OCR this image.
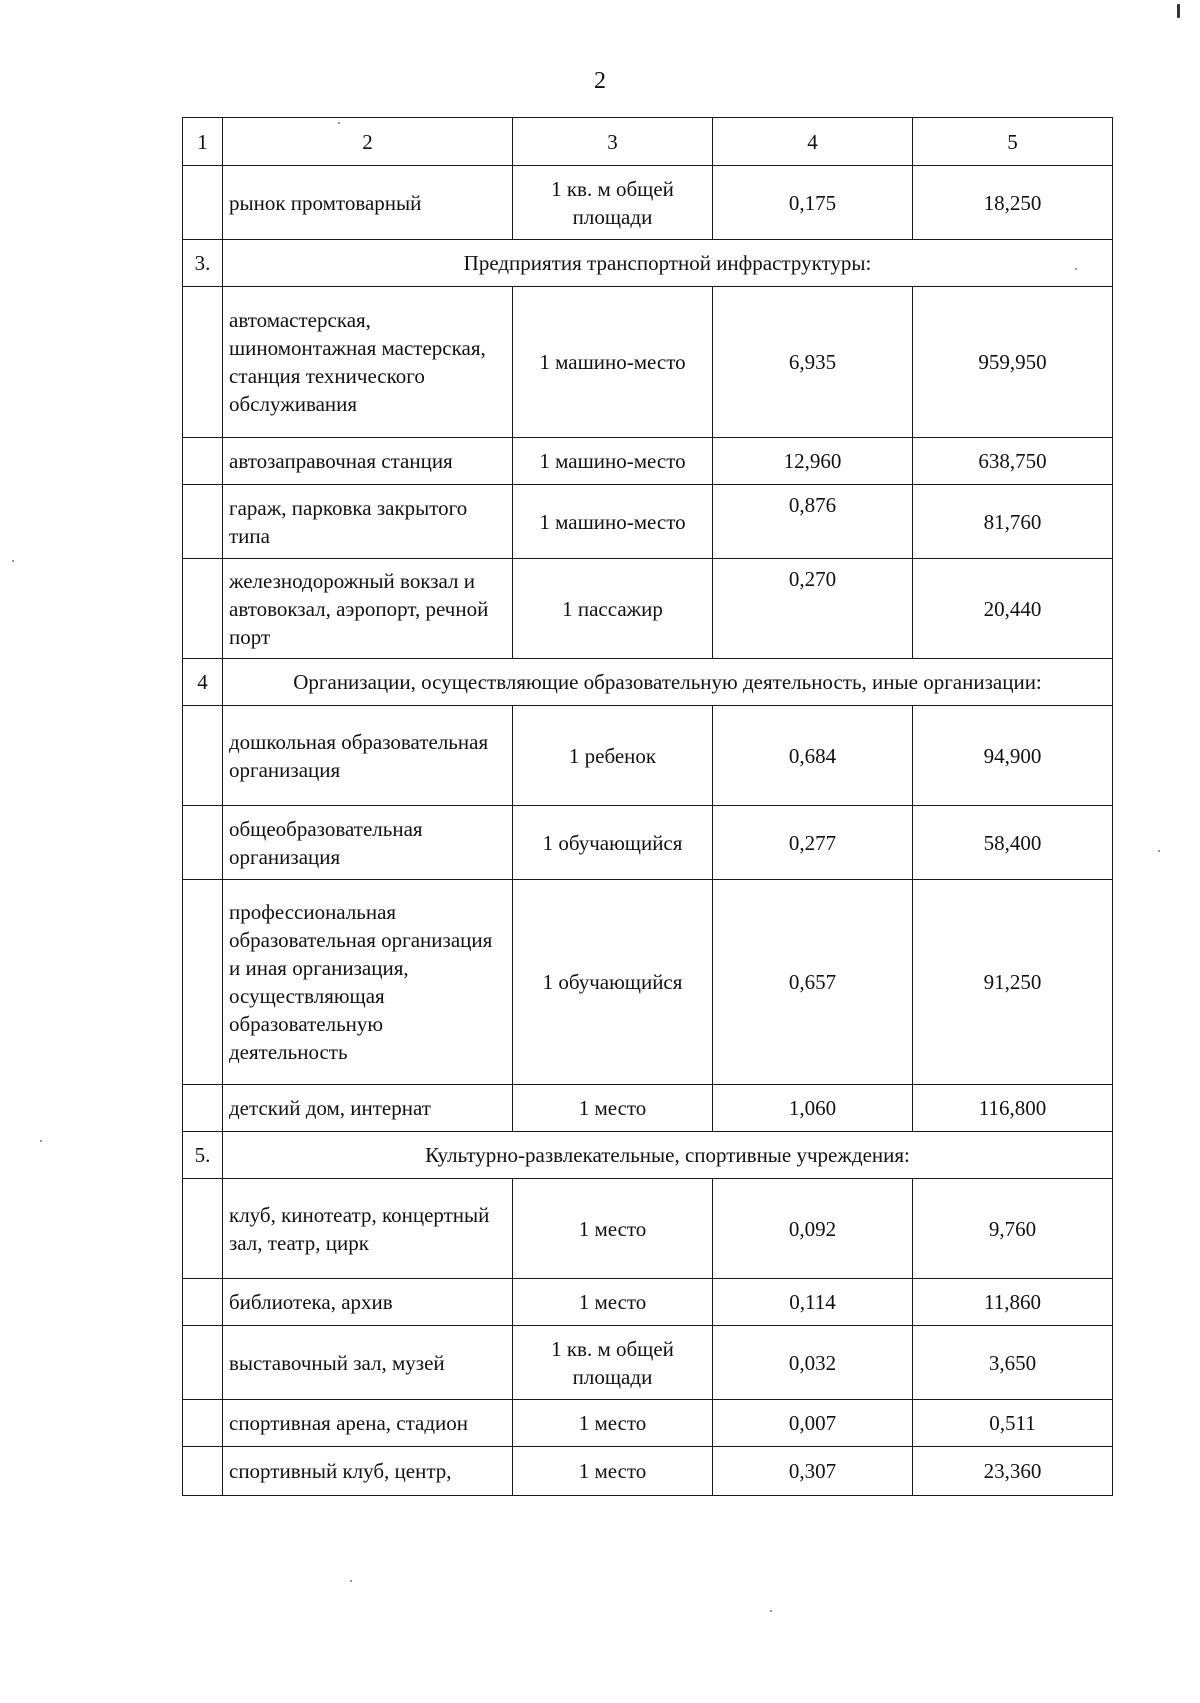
2
1	2	3	4	5
	рынок промтоварный	1 кв. м общей площади	0,175	18,250
3.	Предприятия транспортной инфраструктуры:			
	автомастерская, шиномонтажная мастерская, станция технического обслуживания	1 машино-место	6,935	959,950
	автозаправочная станция	1 машино-место	12,960	638,750
	гараж, парковка закрытого типа	1 машино-место	0,876	81,760
	железнодорожный вокзал и автовокзал, аэропорт, речной порт	1 пассажир	0,270	20,440
4	Организации, осуществляющие образовательную деятельность, иные организации:			
	дошкольная образовательная организация	1 ребенок	0,684	94,900
	общеобразовательная организация	1 обучающийся	0,277	58,400
	профессиональная образовательная организация и иная организация, осуществляющая образовательную деятельность	1 обучающийся	0,657	91,250
	детский дом, интернат	1 место	1,060	116,800
5.	Культурно-развлекательные, спортивные учреждения:			
	клуб, кинотеатр, концертный зал, театр, цирк	1 место	0,092	9,760
	библиотека, архив	1 место	0,114	11,860
	выставочный зал, музей	1 кв. м общей площади	0,032	3,650
	спортивная арена, стадион	1 место	0,007	0,511
	спортивный клуб, центр,	1 место	0,307	23,360
